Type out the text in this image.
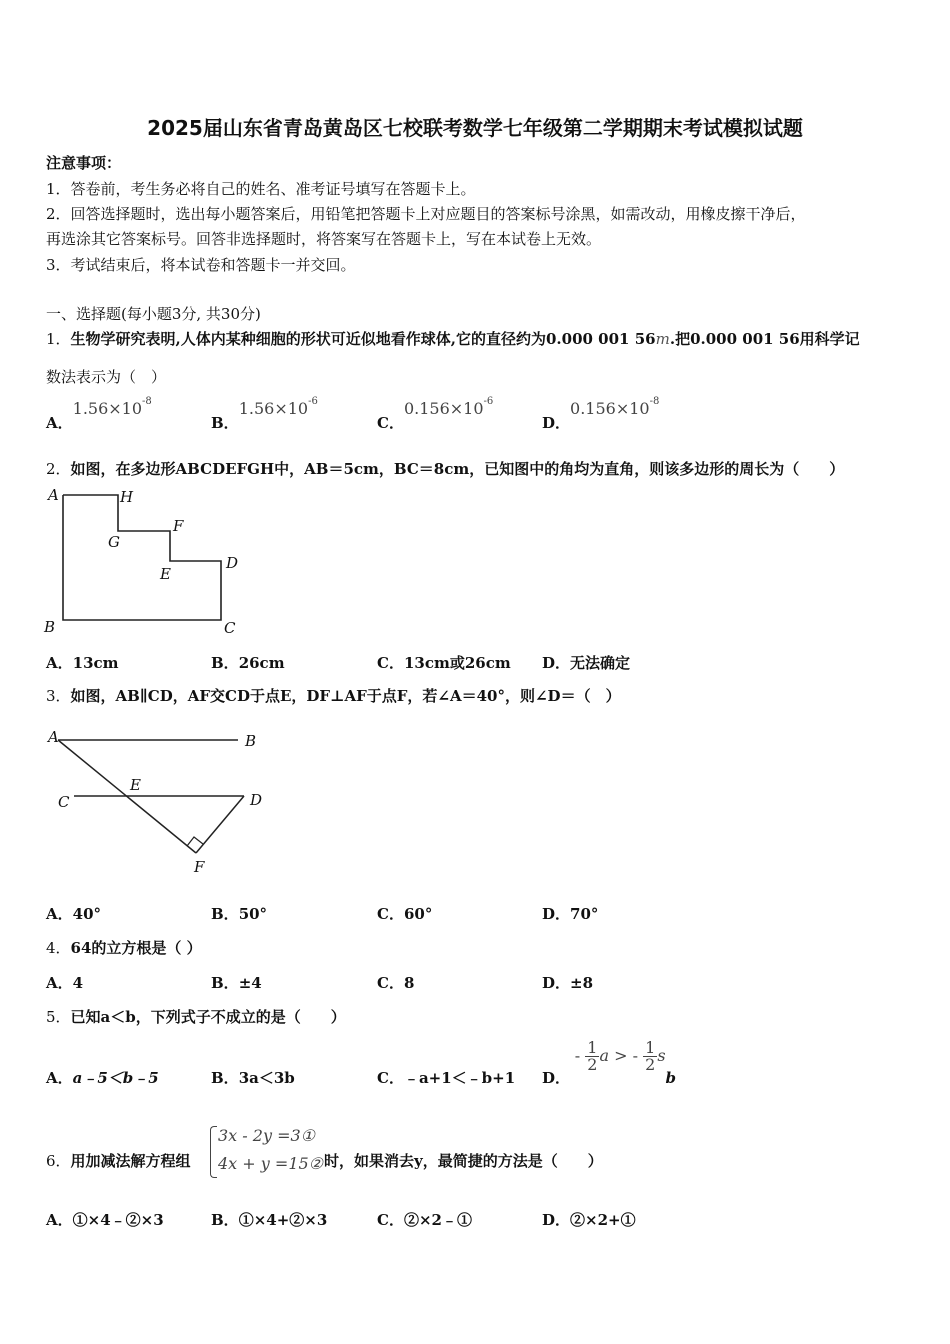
2025届山东省青岛黄岛区七校联考数学七年级第二学期期末考试模拟试题
注意事项：
1．答卷前，考生务必将自己的姓名、准考证号填写在答题卡上。
2．回答选择题时，选出每小题答案后，用铅笔把答题卡上对应题目的答案标号涂黑，如需改动，用橡皮擦干净后，
再选涂其它答案标号。回答非选择题时，将答案写在答题卡上，写在本试卷上无效。
3．考试结束后，将本试卷和答题卡一并交回。
一、选择题(每小题3分, 共30分)
1．生物学研究表明,人体内某种细胞的形状可近似地看作球体,它的直径约为0.000 001 56m.把0.000 001 56用科学记
数法表示为（　）
A．$1.56\times 10^{-8}$
B．$1.56\times 10^{-6}$
C．$0.156\times 10^{-6}$
D．$0.156\times 10^{-8}$
2．如图，在多边形ABCDEFGH中，AB＝5cm，BC＝8cm，已知图中的角均为直角，则该多边形的周长为（　　）
A	H
G
F
E
D
B	C
A．13cm	B．26cm	C．13cm或26cm D．无法确定
3．如图，AB∥CD，AF交CD于点E，DF⊥AF于点F，若∠A＝40°，则∠D＝（　）
A	B
C	D
E
F
A．40°	B．50°	C．60°	D．70°
4．64的立方根是（ ）
A．4	B．±4	C．8	D．±8
5．已知a＜b，下列式子不成立的是（　　）
A．a﹣5＜b﹣5	B．3a＜3b	C．﹣a+1＜﹣b+1 D． - $\frac{1}{2}$ a > - $\frac{1}{2}$ sb
6．用加减法解方程组
3x - 2y =3①
4x + y =15② 时，如果消去y，最简捷的方法是（　　）
A．①×4﹣②×3	B．①×4+②×3	C．②×2﹣①	D．②×2+①
